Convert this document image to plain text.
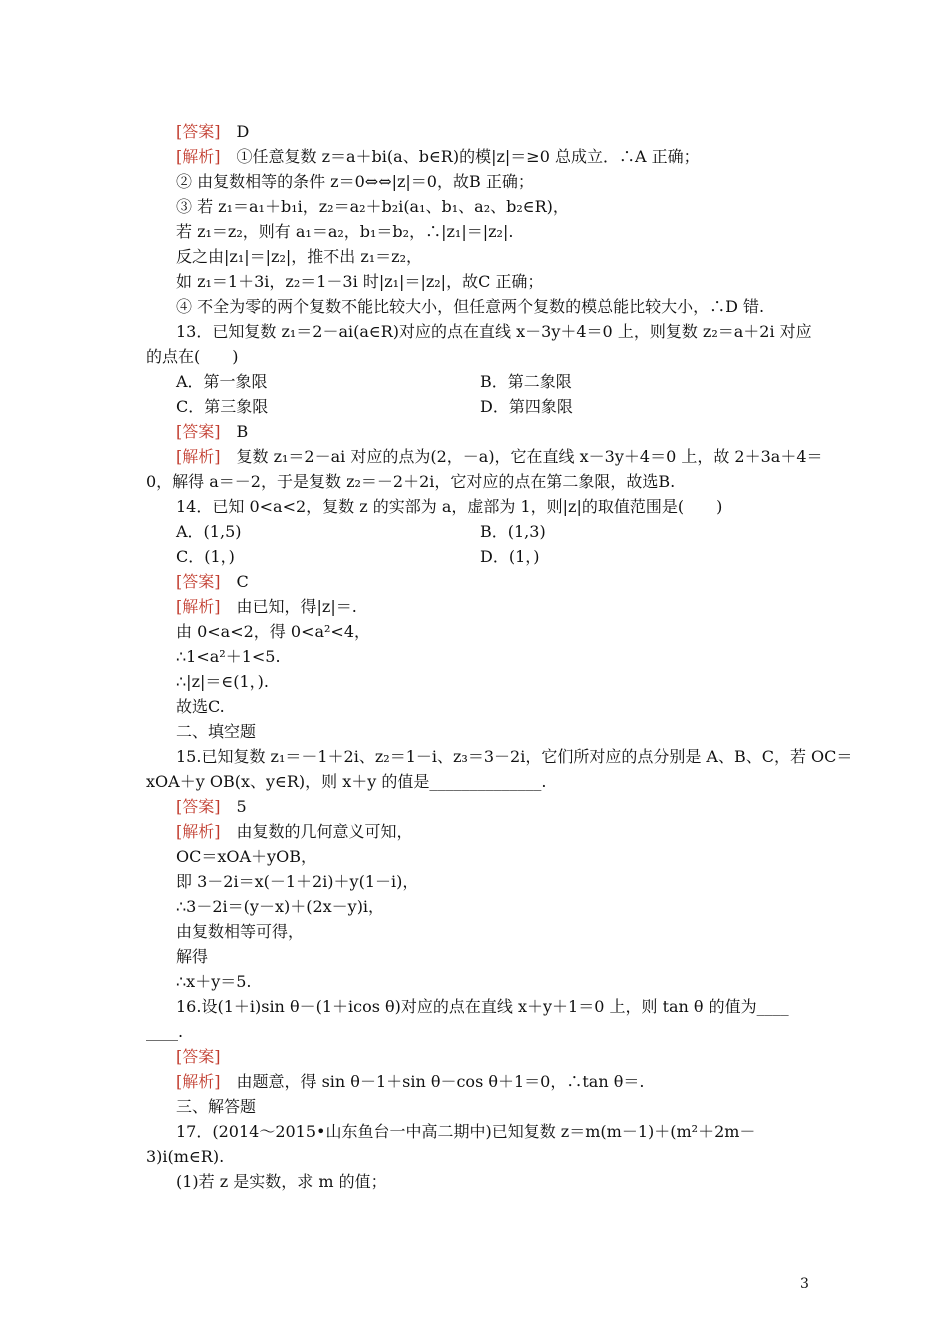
[答案]　D
[解析]　①任意复数 z＝a＋bi(a、b∈R)的模|z|＝≥0 总成立．∴A 正确；
② 由复数相等的条件 z＝0⇔⇔|z|＝0，故B 正确；
③ 若 z₁＝a₁＋b₁i，z₂＝a₂＋b₂i(a₁、b₁、a₂、b₂∈R)，
若 z₁＝z₂，则有 a₁＝a₂，b₁＝b₂，∴|z₁|＝|z₂|.
反之由|z₁|＝|z₂|，推不出 z₁＝z₂，
如 z₁＝1＋3i，z₂＝1－3i 时|z₁|＝|z₂|，故C 正确；
④ 不全为零的两个复数不能比较大小，但任意两个复数的模总能比较大小，∴D 错.
13．已知复数 z₁＝2－ai(a∈R)对应的点在直线 x－3y＋4＝0 上，则复数 z₂＝a＋2i 对应
的点在(　　)
A．第一象限	B．第二象限
C．第三象限	D．第四象限
[答案]　B
[解析]　复数 z₁＝2－ai 对应的点为(2，－a)，它在直线 x－3y＋4＝0 上，故 2＋3a＋4＝
0，解得 a＝－2，于是复数 z₂＝－2＋2i，它对应的点在第二象限，故选B.
14．已知 0<a<2，复数 z 的实部为 a，虚部为 1，则|z|的取值范围是(　　)
A．(1,5)	B．(1,3)
C．(1，)	D．(1，)
[答案]　C
[解析]　由已知，得|z|＝.
由 0<a<2，得 0<a²<4，
∴1<a²＋1<5.
∴|z|＝∈(1，).
故选C.
二、填空题
15.已知复数 z₁＝－1＋2i、z₂＝1－i、z₃＝3－2i，它们所对应的点分别是 A、B、C，若 OC＝
xOA＋y OB(x、y∈R)，则 x＋y 的值是______________.
[答案]　5
[解析]　由复数的几何意义可知，
OC＝xOA＋yOB，
即 3－2i＝x(－1＋2i)＋y(1－i)，
∴3－2i＝(y－x)＋(2x－y)i，
由复数相等可得，
解得
∴x＋y＝5.
16.设(1＋i)sin θ－(1＋icos θ)对应的点在直线 x＋y＋1＝0 上，则 tan θ 的值为____
____.
[答案]
[解析]　由题意，得 sin θ－1＋sin θ－cos θ＋1＝0，∴tan θ＝.
三、解答题
17．(2014～2015•山东鱼台一中高二期中)已知复数 z＝m(m－1)＋(m²＋2m－
3)i(m∈R).
(1)若 z 是实数，求 m 的值；
3
